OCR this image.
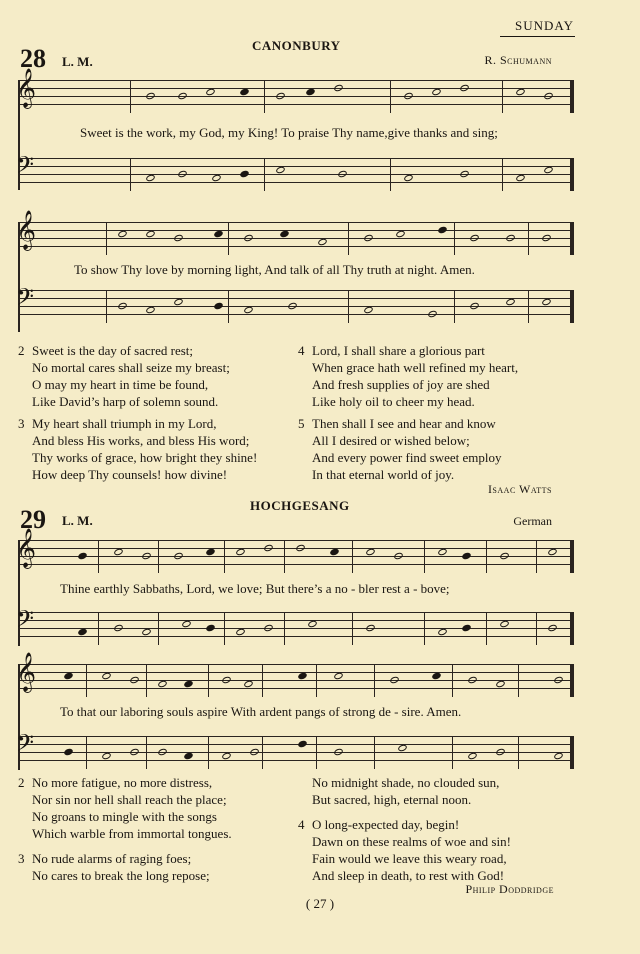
SUNDAY
28 L. M.
CANONBURY
R. Schumann
𝄞
Sweet is the work, my God, my King! To praise Thy name,give thanks and sing;
𝄢
𝄞
To show Thy love by morning light, And talk of all Thy truth at night. Amen.
𝄢
2 Sweet is the day of sacred rest;
No mortal cares shall seize my breast;
O may my heart in time be found,
Like David’s harp of solemn sound.
3 My heart shall triumph in my Lord,
And bless His works, and bless His word;
Thy works of grace, how bright they shine!
How deep Thy counsels! how divine!
4 Lord, I shall share a glorious part
When grace hath well refined my heart,
And fresh supplies of joy are shed
Like holy oil to cheer my head.
5 Then shall I see and hear and know
All I desired or wished below;
And every power find sweet employ
In that eternal world of joy.
Isaac Watts
29 L. M.
HOCHGESANG
German
𝄞
Thine earthly Sabbaths, Lord, we love; But there’s a no - bler rest a - bove;
𝄢
𝄞
To that our laboring souls aspire With ardent pangs of strong de - sire. Amen.
𝄢
2 No more fatigue, no more distress,
Nor sin nor hell shall reach the place;
No groans to mingle with the songs
Which warble from immortal tongues.
3 No rude alarms of raging foes;
No cares to break the long repose;
No midnight shade, no clouded sun,
But sacred, high, eternal noon.
4 O long-expected day, begin!
Dawn on these realms of woe and sin!
Fain would we leave this weary road,
And sleep in death, to rest with God!
Philip Doddridge
( 27 )
